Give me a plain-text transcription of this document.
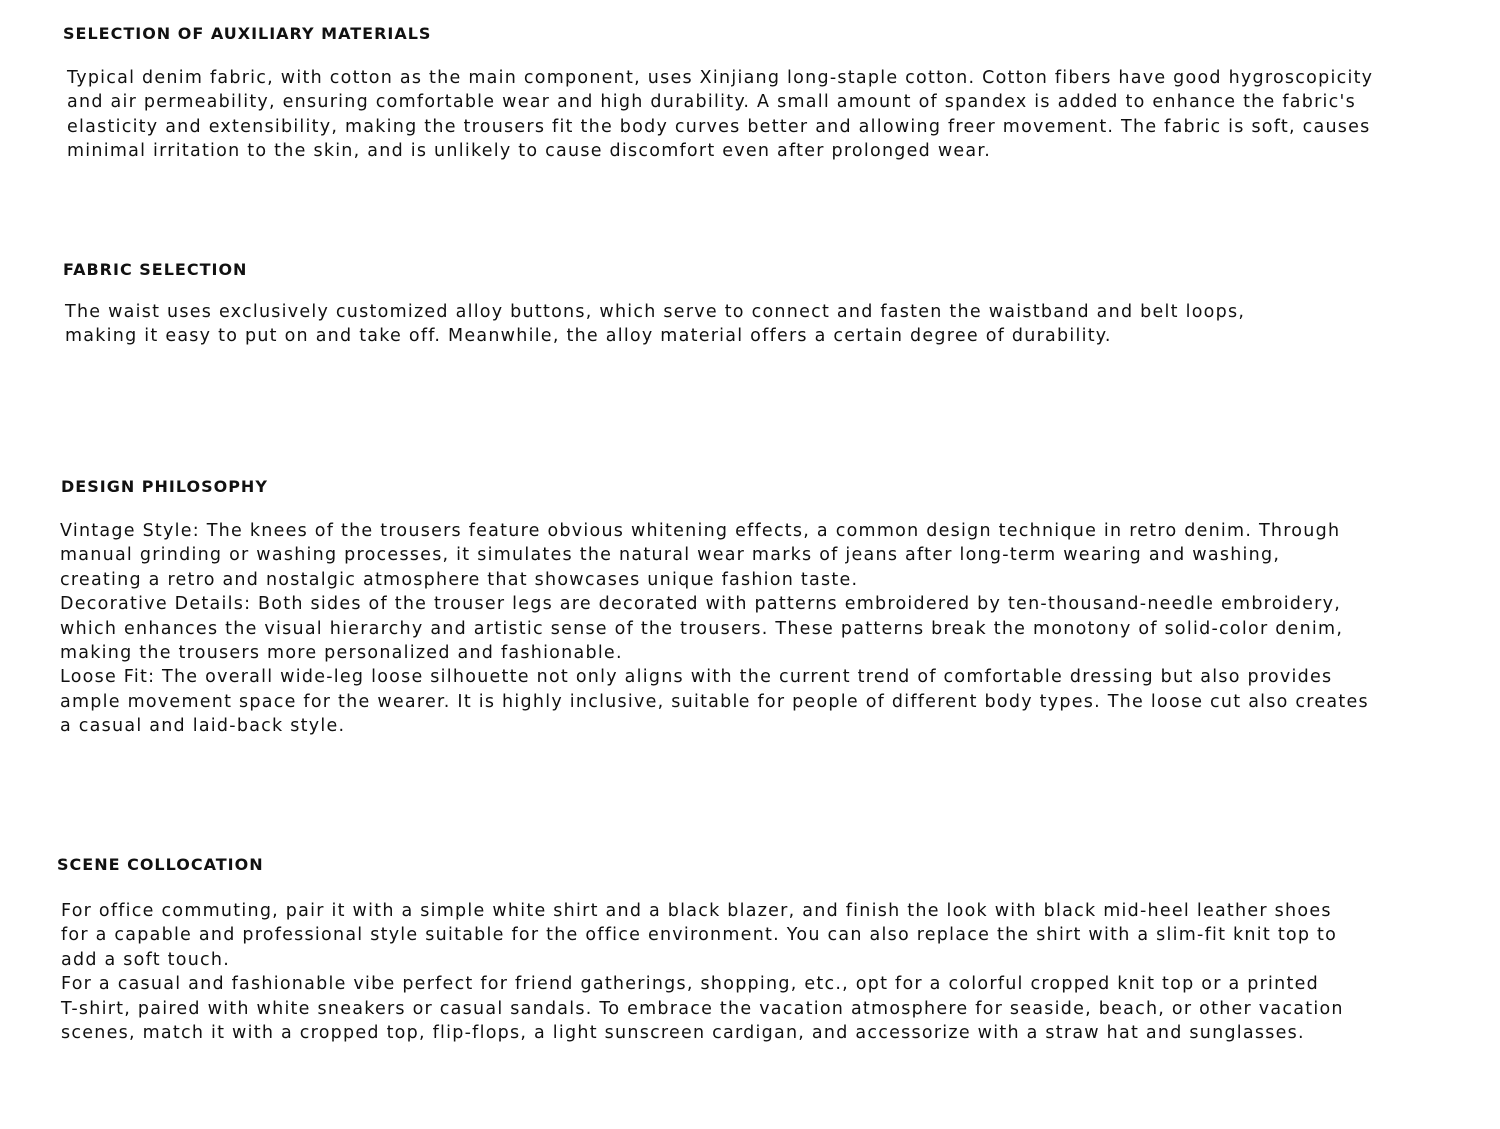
SELECTION OF AUXILIARY MATERIALS

Typical denim fabric, with cotton as the main component, uses Xinjiang long-staple cotton. Cotton fibers have good hygroscopicity
and air permeability, ensuring comfortable wear and high durability. A small amount of spandex is added to enhance the fabric's
elasticity and extensibility, making the trousers fit the body curves better and allowing freer movement. The fabric is soft, causes
minimal irritation to the skin, and is unlikely to cause discomfort even after prolonged wear.

FABRIC SELECTION

The waist uses exclusively customized alloy buttons, which serve to connect and fasten the waistband and belt loops,
making it easy to put on and take off. Meanwhile, the alloy material offers a certain degree of durability.

DESIGN PHILOSOPHY

Vintage Style: The knees of the trousers feature obvious whitening effects, a common design technique in retro denim. Through
manual grinding or washing processes, it simulates the natural wear marks of jeans after long-term wearing and washing,
creating a retro and nostalgic atmosphere that showcases unique fashion taste.
Decorative Details: Both sides of the trouser legs are decorated with patterns embroidered by ten-thousand-needle embroidery,
which enhances the visual hierarchy and artistic sense of the trousers. These patterns break the monotony of solid-color denim,
making the trousers more personalized and fashionable.
Loose Fit: The overall wide-leg loose silhouette not only aligns with the current trend of comfortable dressing but also provides
ample movement space for the wearer. It is highly inclusive, suitable for people of different body types. The loose cut also creates
a casual and laid-back style.

SCENE COLLOCATION

For office commuting, pair it with a simple white shirt and a black blazer, and finish the look with black mid-heel leather shoes
for a capable and professional style suitable for the office environment. You can also replace the shirt with a slim-fit knit top to
add a soft touch.
For a casual and fashionable vibe perfect for friend gatherings, shopping, etc., opt for a colorful cropped knit top or a printed
T-shirt, paired with white sneakers or casual sandals. To embrace the vacation atmosphere for seaside, beach, or other vacation
scenes, match it with a cropped top, flip-flops, a light sunscreen cardigan, and accessorize with a straw hat and sunglasses.
